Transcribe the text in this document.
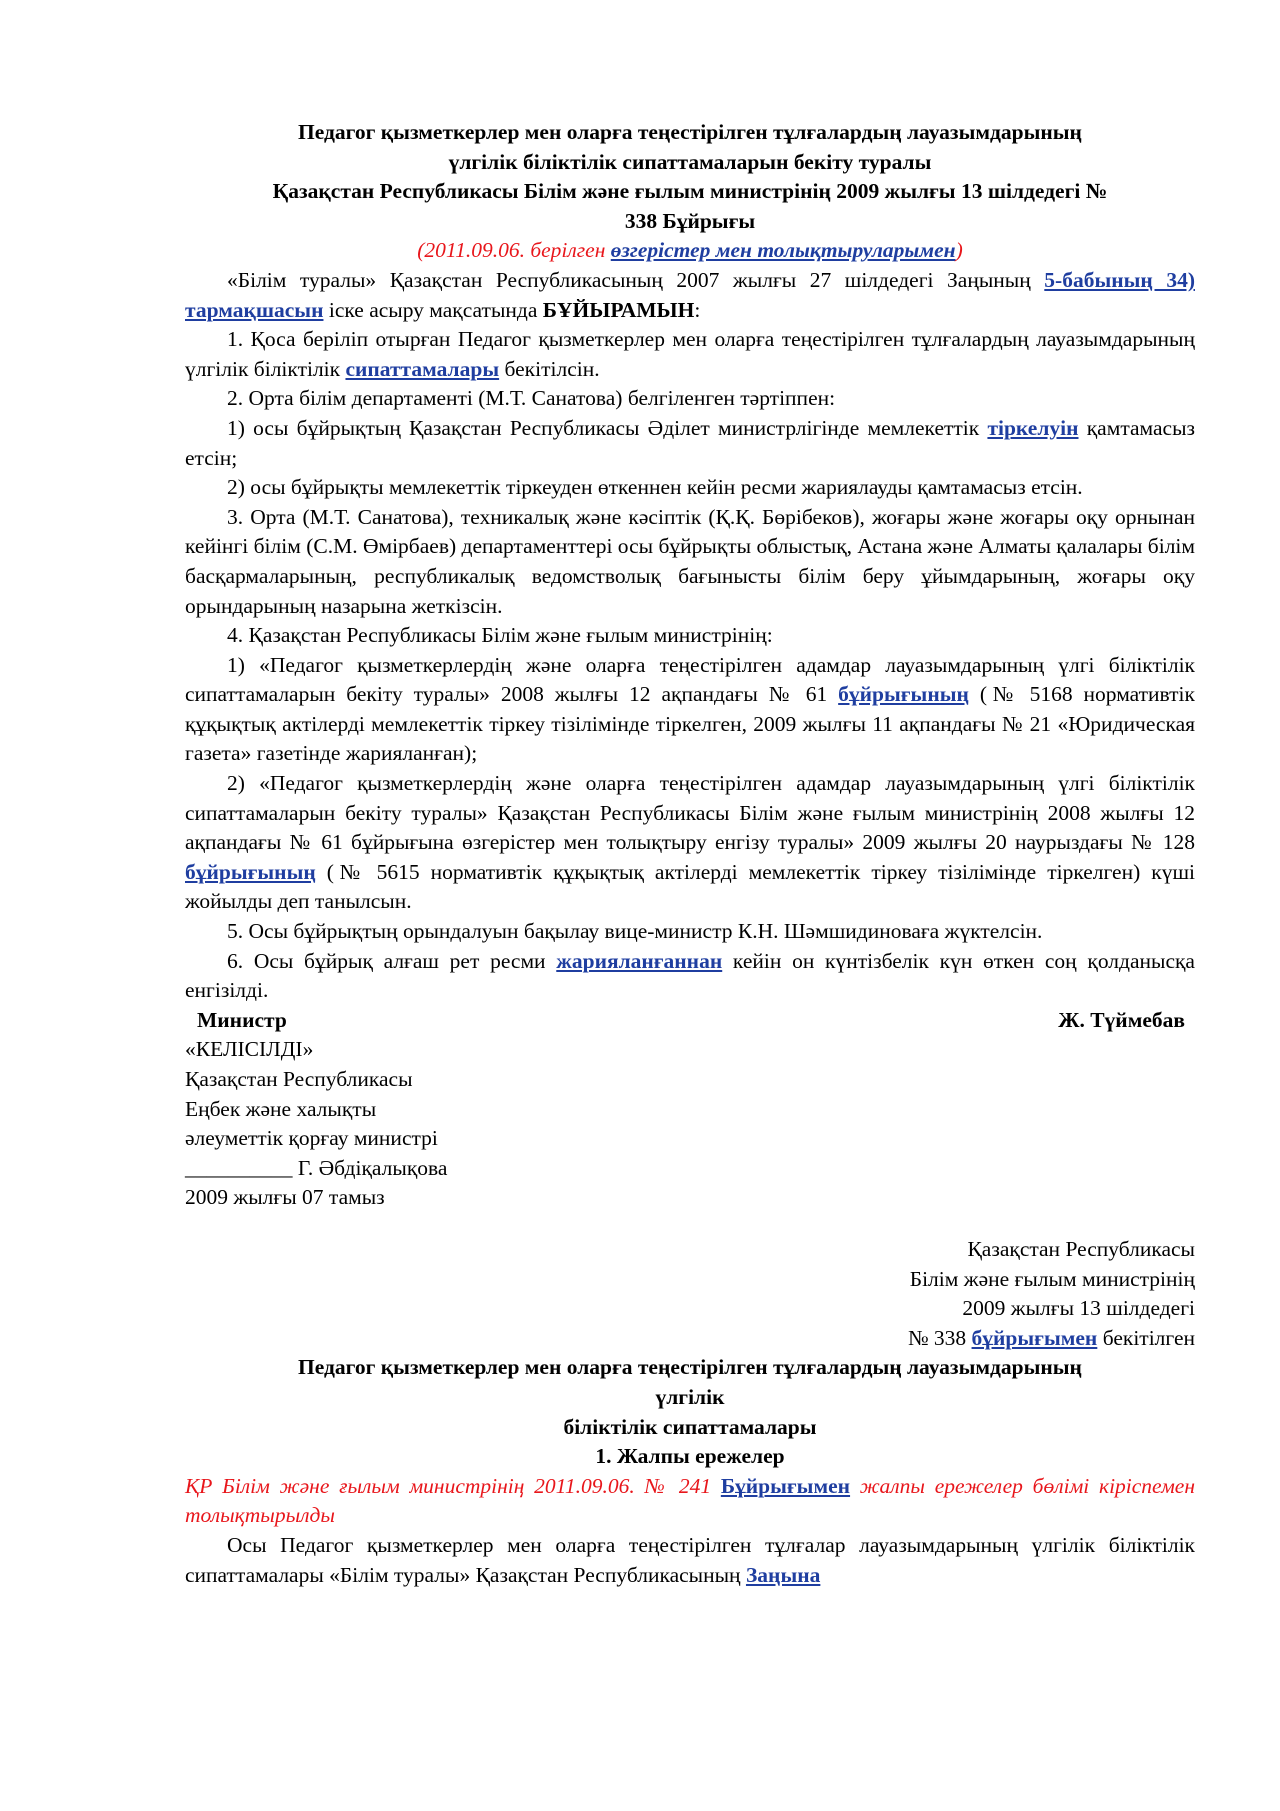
Педагог қызметкерлер мен оларға теңестірілген тұлғалардың лауазымдарының

үлгілік біліктілік сипаттамаларын бекіту туралы

Қазақстан Республикасы Білім және ғылым министрінің 2009 жылғы 13 шілдедегі №

338 Бұйрығы

(2011.09.06. берілген өзгерістер мен толықтыруларымен)

«Білім туралы» Қазақстан Республикасының 2007 жылғы 27 шілдедегі Заңының 5-бабының 34) тармақшасын іске асыру мақсатында БҰЙЫРАМЫН:

1. Қоса беріліп отырған Педагог қызметкерлер мен оларға теңестірілген тұлғалардың лауазымдарының үлгілік біліктілік сипаттамалары бекітілсін.

2. Орта білім департаменті (М.Т. Санатова) белгіленген тәртіппен:

1) осы бұйрықтың Қазақстан Республикасы Әділет министрлігінде мемлекеттік тіркелуін қамтамасыз етсін;

2) осы бұйрықты мемлекеттік тіркеуден өткеннен кейін ресми жариялауды қамтамасыз етсін.

3. Орта (М.Т. Санатова), техникалық және кәсіптік (Қ.Қ. Бөрібеков), жоғары және жоғары оқу орнынан кейінгі білім (С.М. Өмірбаев) департаменттері осы бұйрықты облыстық, Астана және Алматы қалалары білім басқармаларының, республикалық ведомстволық бағынысты білім беру ұйымдарының, жоғары оқу орындарының назарына жеткізсін.

4. Қазақстан Республикасы Білім және ғылым министрінің:

1) «Педагог қызметкерлердің және оларға теңестірілген адамдар лауазымдарының үлгі біліктілік сипаттамаларын бекіту туралы» 2008 жылғы 12 ақпандағы № 61 бұйрығының (№ 5168 нормативтік құқықтық актілерді мемлекеттік тіркеу тізілімінде тіркелген, 2009 жылғы 11 ақпандағы № 21 «Юридическая газета» газетінде жарияланған);

2) «Педагог қызметкерлердің және оларға теңестірілген адамдар лауазымдарының үлгі біліктілік сипаттамаларын бекіту туралы» Қазақстан Республикасы Білім және ғылым министрінің 2008 жылғы 12 ақпандағы № 61 бұйрығына өзгерістер мен толықтыру енгізу туралы» 2009 жылғы 20 наурыздағы № 128 бұйрығының (№ 5615 нормативтік құқықтық актілерді мемлекеттік тіркеу тізілімінде тіркелген) күші жойылды деп танылсын.

5. Осы бұйрықтың орындалуын бақылау вице-министр К.Н. Шәмшидиноваға жүктелсін.

6. Осы бұйрық алғаш рет ресми жарияланғаннан кейін он күнтізбелік күн өткен соң қолданысқа енгізілді.

Министр	Ж. Түймебав

«КЕЛІСІЛДІ»

Қазақстан Республикасы

Еңбек және халықты

әлеуметтік қорғау министрі

__________ Г. Әбдіқалықова

2009 жылғы 07 тамыз

Қазақстан Республикасы

Білім және ғылым министрінің

2009 жылғы 13 шілдедегі

№ 338 бұйрығымен бекітілген

Педагог қызметкерлер мен оларға теңестірілген тұлғалардың лауазымдарының

үлгілік

біліктілік сипаттамалары

1. Жалпы ережелер

ҚР Білім және ғылым министрінің 2011.09.06. № 241 Бұйрығымен жалпы ережелер бөлімі кіріспемен толықтырылды

Осы Педагог қызметкерлер мен оларға теңестірілген тұлғалар лауазымдарының үлгілік біліктілік сипаттамалары «Білім туралы» Қазақстан Республикасының Заңына
